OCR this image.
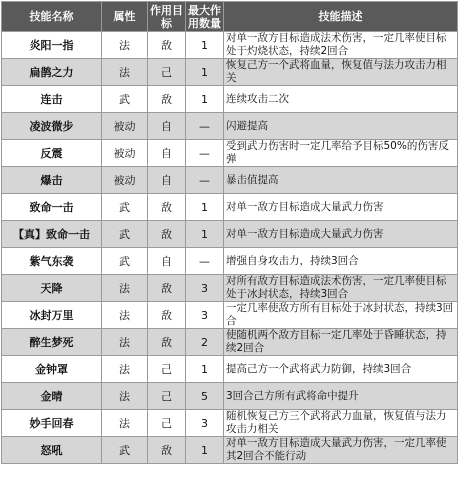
技能名称	属性	作用目标	最大作用数量	技能描述
炎阳一指	法	敌	1	对单一敌方目标造成法术伤害，一定几率使目标处于灼烧状态，持续2回合
扁鹊之力	法	己	1	恢复己方一个武将血量，恢复值与法力攻击力相关
连击	武	敌	1	连续攻击二次
凌波微步	被动	自	—	闪避提高
反震	被动	自	—	受到武力伤害时一定几率给予目标50%的伤害反弹
爆击	被动	自	—	暴击值提高
致命一击	武	敌	1	对单一敌方目标造成大量武力伤害
【真】致命一击	武	敌	1	对单一敌方目标造成大量武力伤害
紫气东袭	武	自	—	增强自身攻击力，持续3回合
天降	法	敌	3	对所有敌方目标造成法术伤害，一定几率使目标处于冰封状态，持续3回合
冰封万里	法	敌	3	一定几率使敌方所有目标处于冰封状态，持续3回合
醉生梦死	法	敌	2	使随机两个敌方目标一定几率处于昏睡状态，持续2回合
金钟罩	法	己	1	提高己方一个武将武力防御，持续3回合
金晴	法	己	5	3回合己方所有武将命中提升
妙手回春	法	己	3	随机恢复己方三个武将武力血量，恢复值与法力攻击力相关
怒吼	武	敌	1	对单一敌方目标造成大量武力伤害，一定几率使其2回合不能行动
